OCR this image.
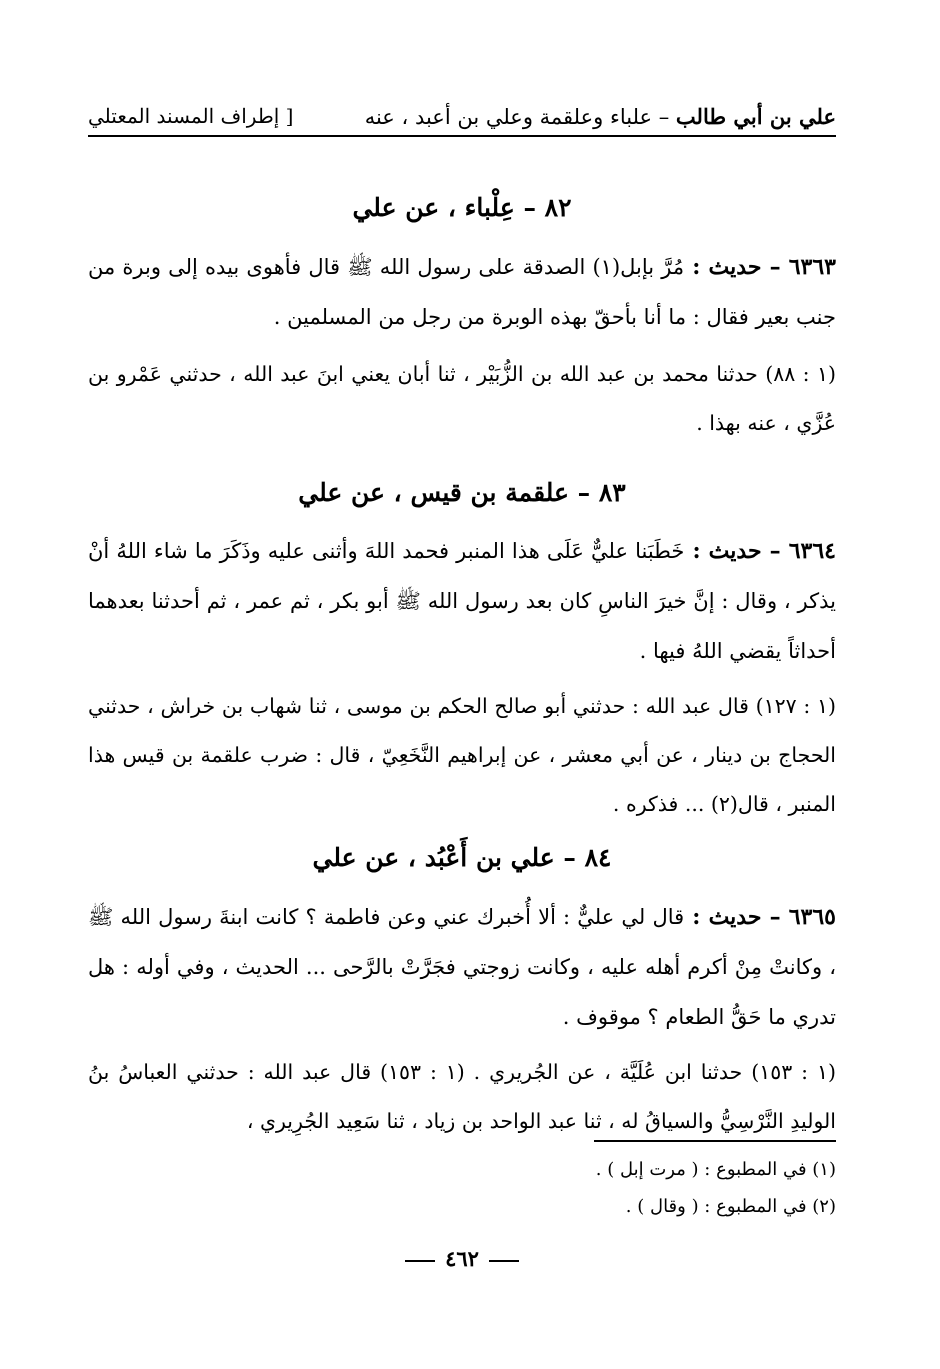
علي بن أبي طالب – علباء وعلقمة وعلي بن أعبد ، عنه
[ إطراف المسند المعتلي
٨٢ – عِلْباء ، عن علي
٦٣٦٣ – حديث : مُرَّ بإبل(١) الصدقة على رسول الله ﷺ قال فأهوى بيده إلى وبرة من جنب بعير فقال : ما أنا بأحقّ بهذه الوبرة من رجل من المسلمين .
(١ : ٨٨) حدثنا محمد بن عبد الله بن الزُّبَيْر ، ثنا أبان يعني ابنَ عبد الله ، حدثني عَمْرو بن عُزَّي ، عنه بهذا .
٨٣ – علقمة بن قيس ، عن علي
٦٣٦٤ – حديث : خَطَبَنا عليٌّ عَلَى هذا المنبر فحمد اللهَ وأثنى عليه وذَكَرَ ما شاء اللهُ أنْ يذكر ، وقال : إنَّ خيرَ الناسِ كان بعد رسول الله ﷺ أبو بكر ، ثم عمر ، ثم أحدثنا بعدهما أحداثاً يقضي اللهُ فيها .
(١ : ١٢٧) قال عبد الله : حدثني أبو صالح الحكم بن موسى ، ثنا شهاب بن خراش ، حدثني الحجاج بن دينار ، عن أبي معشر ، عن إبراهيم النَّخَعِيّ ، قال : ضرب علقمة بن قيس هذا المنبر ، قال(٢) ... فذكره .
٨٤ – علي بن أَعْبُد ، عن علي
٦٣٦٥ – حديث : قال لي عليٌّ : ألا أُخبرك عني وعن فاطمة ؟ كانت ابنةَ رسول الله ﷺ ، وكانتْ مِنْ أكرم أهله عليه ، وكانت زوجتي فجَرَّتْ بالرَّحى ... الحديث ، وفي أوله : هل تدري ما حَقُّ الطعام ؟ موقوف .
(١ : ١٥٣) حدثنا ابن عُلَيَّة ، عن الجُريري . (١ : ١٥٣) قال عبد الله : حدثني العباسُ بنُ الوليدِ النَّرْسِيُّ والسياقُ له ، ثنا عبد الواحد بن زياد ، ثنا سَعِيد الجُرِيري ،
(١) في المطبوع : ( مرت إبل ) .
(٢) في المطبوع : ( وقال ) .
٤٦٢
